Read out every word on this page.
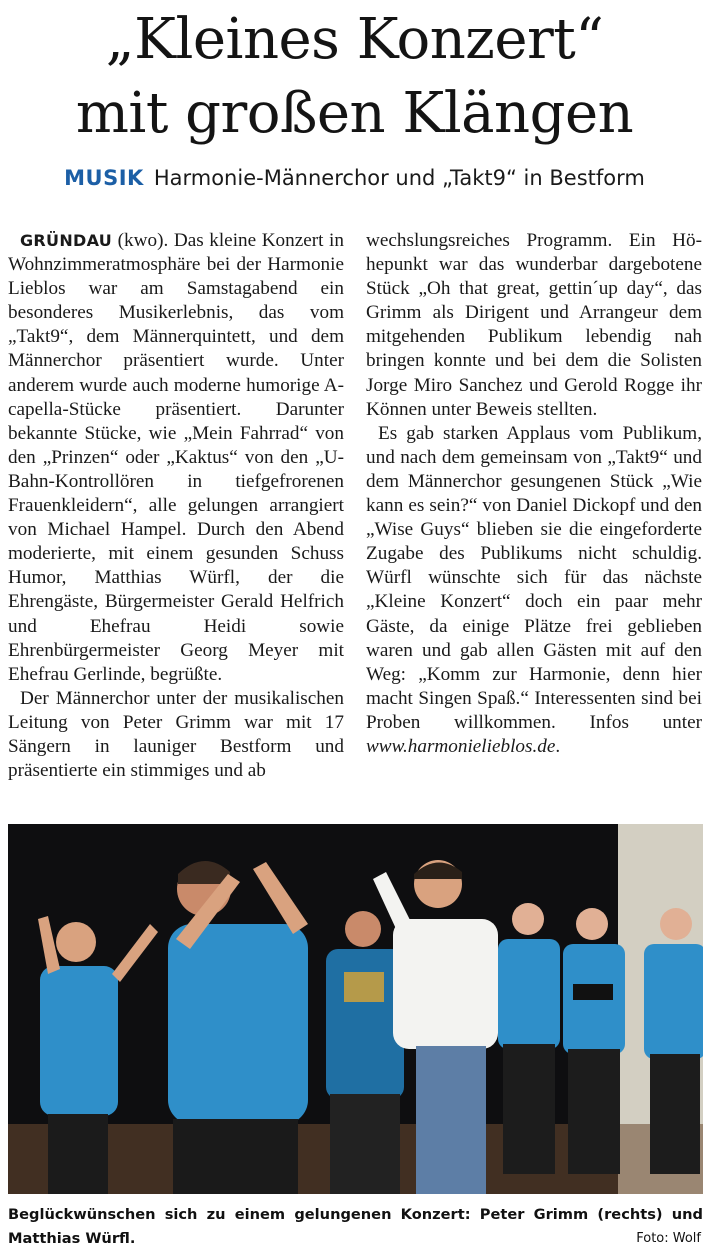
„Kleines Konzert“
mit großen Klängen
MUSIK Harmonie-Männerchor und „Takt9“ in Bestform

GRÜNDAU (kwo). Das kleine Konzert in Wohnzimmeratmosphäre bei der Harmonie Lieblos war am Samstagabend ein besonderes Musikerlebnis, das vom „Takt9“, dem Männerquintett, und dem Männerchor präsentiert wurde. Unter anderem wurde auch moderne humorige A-capella-Stücke präsentiert. Darunter bekannte Stücke, wie „Mein Fahrrad“ von den „Prinzen“ oder „Kaktus“ von den „U-Bahn-Kontrollören in tiefgefrorenen Frauenkleidern“, alle gelungen arrangiert von Michael Hampel. Durch den Abend moderierte, mit einem gesunden Schuss Humor, Matthias Würfl, der die Ehrengäste, Bürgermeister Gerald Helfrich und Ehefrau Heidi sowie Ehrenbürgermeister Georg Meyer mit Ehefrau Gerlinde, begrüßte.

Der Männerchor unter der musikalischen Leitung von Peter Grimm war mit 17 Sängern in launiger Bestform und präsentierte ein stimmiges und ab

wechslungsreiches Programm. Ein Höhepunkt war das wunderbar dargebotene Stück „Oh that great, gettin´up day“, das Grimm als Dirigent und Arrangeur dem mitgehenden Publikum lebendig nah bringen konnte und bei dem die Solisten Jorge Miro Sanchez und Gerold Rogge ihr Können unter Beweis stellten.

Es gab starken Applaus vom Publikum, und nach dem gemeinsam von „Takt9“ und dem Männerchor gesungenen Stück „Wie kann es sein?“ von Daniel Dickopf und den „Wise Guys“ blieben sie die eingeforderte Zugabe des Publikums nicht schuldig. Würfl wünschte sich für das nächste „Kleine Konzert“ doch ein paar mehr Gäste, da einige Plätze frei geblieben waren und gab allen Gästen mit auf den Weg: „Komm zur Harmonie, denn hier macht Singen Spaß.“ Interessenten sind bei Proben willkommen. Infos unter www.harmonielieblos.de.

Beglückwünschen sich zu einem gelungenen Konzert: Peter Grimm (rechts) und Matthias Würfl.	Foto: Wolf
